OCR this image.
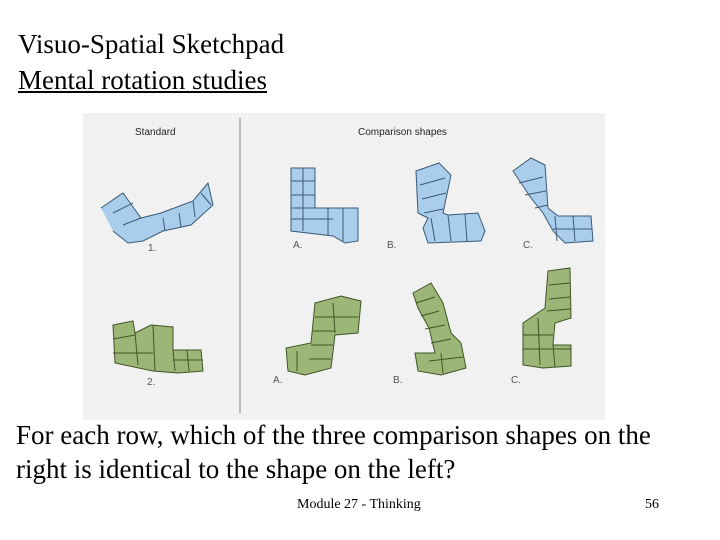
Visuo-Spatial Sketchpad
Mental rotation studies
Standard	Comparison shapes
1.	A.	B.	C.
2.	A.	B.	C.
For each row, which of the three comparison shapes on the right is identical to the shape on the left?
Module 27 - Thinking	56
